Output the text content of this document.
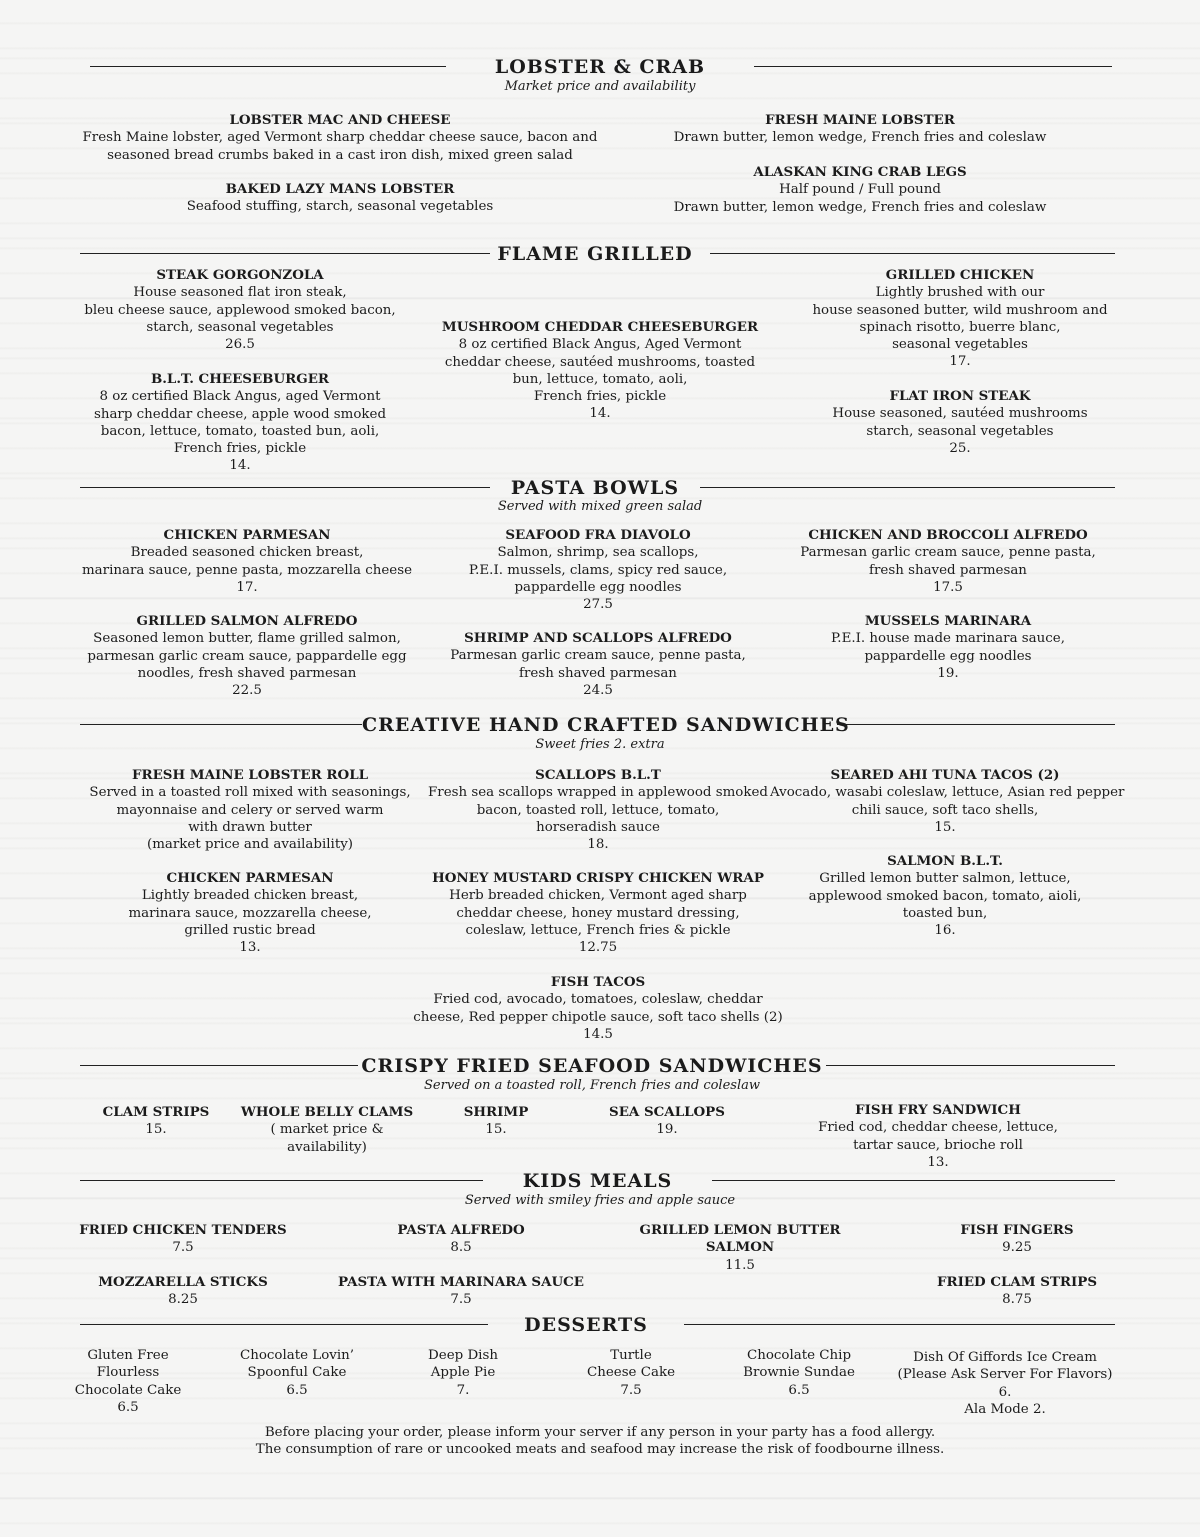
LOBSTER & CRAB
Market price and availability
LOBSTER MAC AND CHEESE
Fresh Maine lobster, aged Vermont sharp cheddar cheese sauce, bacon and
seasoned bread crumbs baked in a cast iron dish, mixed green salad
BAKED LAZY MANS LOBSTER
Seafood stuffing, starch, seasonal vegetables
FRESH MAINE LOBSTER
Drawn butter, lemon wedge, French fries and coleslaw
ALASKAN KING CRAB LEGS
Half pound / Full pound
Drawn butter, lemon wedge, French fries and coleslaw
FLAME GRILLED
STEAK GORGONZOLA
House seasoned flat iron steak,
bleu cheese sauce, applewood smoked bacon,
starch, seasonal vegetables
26.5
B.L.T. CHEESEBURGER
8 oz certified Black Angus, aged Vermont
sharp cheddar cheese, apple wood smoked
bacon, lettuce, tomato, toasted bun, aoli,
French fries, pickle
14.
MUSHROOM CHEDDAR CHEESEBURGER
8 oz certified Black Angus, Aged Vermont
cheddar cheese, sautéed mushrooms, toasted
bun, lettuce, tomato, aoli,
French fries, pickle
14.
GRILLED CHICKEN
Lightly brushed with our
house seasoned butter, wild mushroom and
spinach risotto, buerre blanc,
seasonal vegetables
17.
FLAT IRON STEAK
House seasoned, sautéed mushrooms
starch, seasonal vegetables
25.
PASTA BOWLS
Served with mixed green salad
CHICKEN PARMESAN
Breaded seasoned chicken breast,
marinara sauce, penne pasta, mozzarella cheese
17.
GRILLED SALMON ALFREDO
Seasoned lemon butter, flame grilled salmon,
parmesan garlic cream sauce, pappardelle egg
noodles, fresh shaved parmesan
22.5
SEAFOOD FRA DIAVOLO
Salmon, shrimp, sea scallops,
P.E.I. mussels, clams, spicy red sauce,
pappardelle egg noodles
27.5
SHRIMP AND SCALLOPS ALFREDO
Parmesan garlic cream sauce, penne pasta,
fresh shaved parmesan
24.5
CHICKEN AND BROCCOLI ALFREDO
Parmesan garlic cream sauce, penne pasta,
fresh shaved parmesan
17.5
MUSSELS MARINARA
P.E.I. house made marinara sauce,
pappardelle egg noodles
19.
CREATIVE HAND CRAFTED SANDWICHES
Sweet fries 2. extra
FRESH MAINE LOBSTER ROLL
Served in a toasted roll mixed with seasonings,
mayonnaise and celery or served warm
with drawn butter
(market price and availability)
CHICKEN PARMESAN
Lightly breaded chicken breast,
marinara sauce, mozzarella cheese,
grilled rustic bread
13.
SCALLOPS B.L.T
Fresh sea scallops wrapped in applewood smoked
bacon, toasted roll, lettuce, tomato,
horseradish sauce
18.
HONEY MUSTARD CRISPY CHICKEN WRAP
Herb breaded chicken, Vermont aged sharp
cheddar cheese, honey mustard dressing,
coleslaw, lettuce, French fries & pickle
12.75
FISH TACOS
Fried cod, avocado, tomatoes, coleslaw, cheddar
cheese, Red pepper chipotle sauce, soft taco shells (2)
14.5
SEARED AHI TUNA TACOS (2)
Avocado, wasabi coleslaw, lettuce, Asian red pepper
chili sauce, soft taco shells,
15.
SALMON B.L.T.
Grilled lemon butter salmon, lettuce,
applewood smoked bacon, tomato, aioli,
toasted bun,
16.
CRISPY FRIED SEAFOOD SANDWICHES
Served on a toasted roll, French fries and coleslaw
CLAM STRIPS
15.
WHOLE BELLY CLAMS
( market price &
availability)
SHRIMP
15.
SEA SCALLOPS
19.
FISH FRY SANDWICH
Fried cod, cheddar cheese, lettuce,
tartar sauce, brioche roll
13.
KIDS MEALS
Served with smiley fries and apple sauce
FRIED CHICKEN TENDERS
7.5
MOZZARELLA STICKS
8.25
PASTA ALFREDO
8.5
PASTA WITH MARINARA SAUCE
7.5
GRILLED LEMON BUTTER
SALMON
11.5
FISH FINGERS
9.25
FRIED CLAM STRIPS
8.75
DESSERTS
Gluten Free
Flourless
Chocolate Cake
6.5
Chocolate Lovin’
Spoonful Cake
6.5
Deep Dish
Apple Pie
7.
Turtle
Cheese Cake
7.5
Chocolate Chip
Brownie Sundae
6.5
Dish Of Giffords Ice Cream
(Please Ask Server For Flavors)
6.
Ala Mode 2.
Before placing your order, please inform your server if any person in your party has a food allergy.
The consumption of rare or uncooked meats and seafood may increase the risk of foodbourne illness.
